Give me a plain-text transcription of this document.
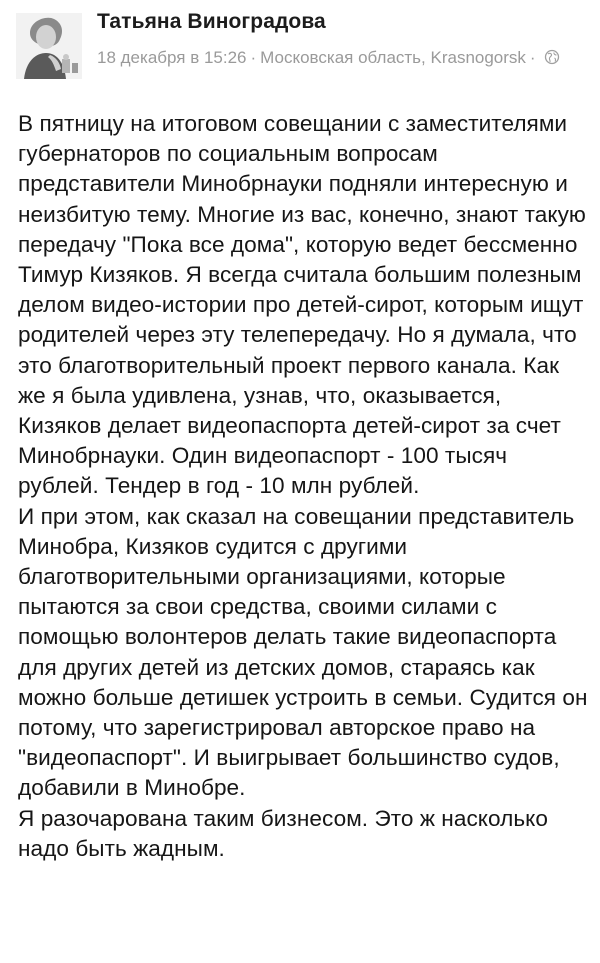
Татьяна Виноградова
18 декабря в 15:26 · Московская область, Krasnogorsk ·

В пятницу на итоговом совещании с заместителями губернаторов по социальным вопросам представители Минобрнауки подняли интересную и неизбитую тему. Многие из вас, конечно, знают такую передачу "Пока все дома", которую ведет бессменно Тимур Кизяков. Я всегда считала большим полезным делом видео-истории про детей-сирот, которым ищут родителей через эту телепередачу. Но я думала, что это благотворительный проект первого канала. Как же я была удивлена, узнав, что, оказывается, Кизяков делает видеопаспорта детей-сирот за счет Минобрнауки. Один видеопаспорт - 100 тысяч рублей. Тендер в год - 10 млн рублей.

И при этом, как сказал на совещании представитель Минобра, Кизяков судится с другими благотворительными организациями, которые пытаются за свои средства, своими силами с помощью волонтеров делать такие видеопаспорта для других детей из детских домов, стараясь как можно больше детишек устроить в семьи. Судится он потому, что зарегистрировал авторское право на "видеопаспорт". И выигрывает большинство судов, добавили в Минобре.

Я разочарована таким бизнесом. Это ж насколько надо быть жадным.
